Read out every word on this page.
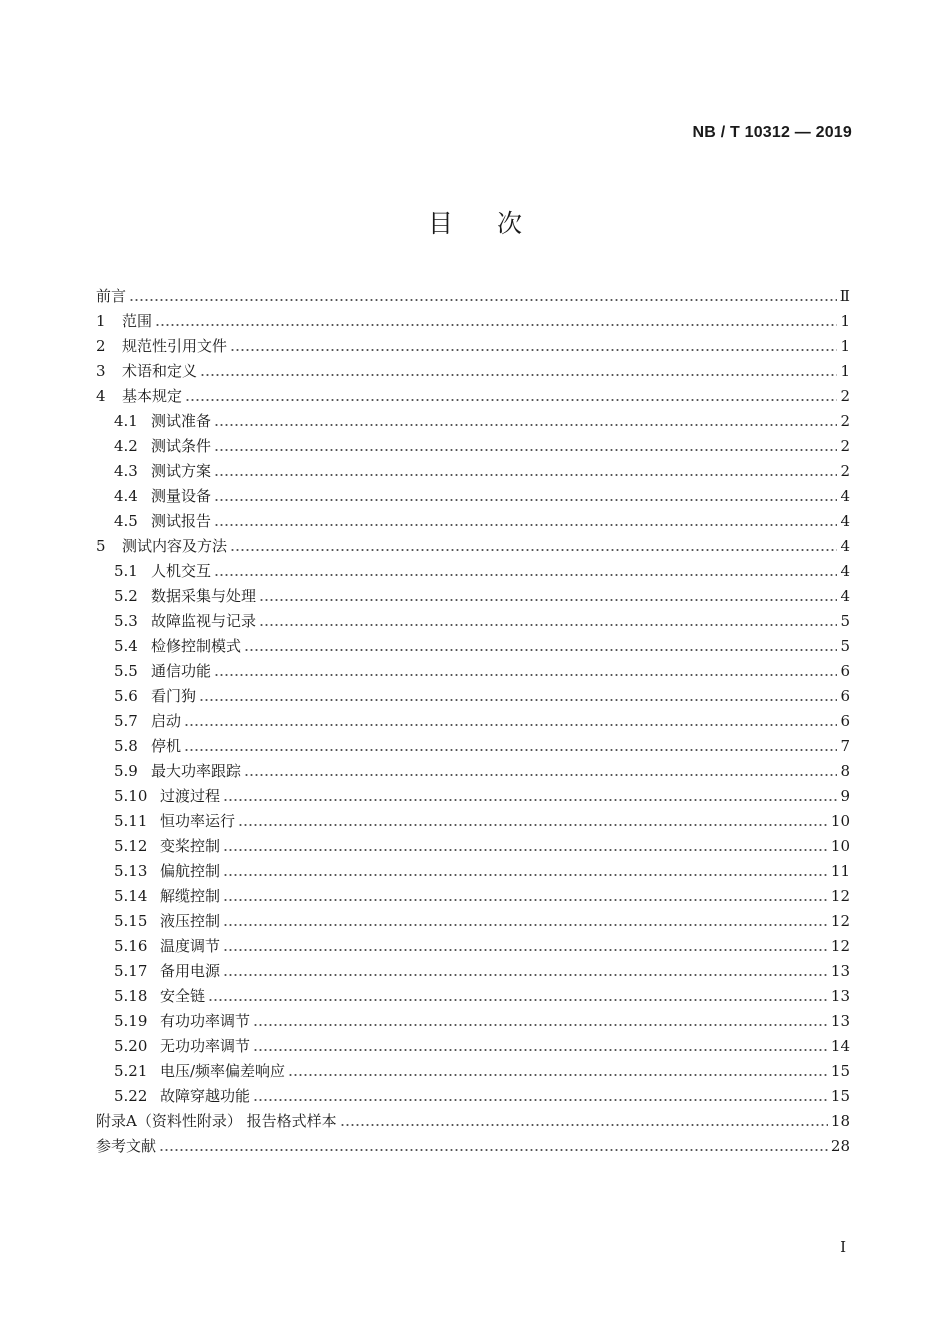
NB / T 10312 — 2019
目次
前言	Ⅱ
1	范围	1
2	规范性引用文件	1
3	术语和定义	1
4	基本规定	2
4.1 测试准备	2
4.2 测试条件	2
4.3 测试方案	2
4.4 测量设备	4
4.5 测试报告	4
5	测试内容及方法	4
5.1 人机交互	4
5.2 数据采集与处理	4
5.3 故障监视与记录	5
5.4 检修控制模式	5
5.5 通信功能	6
5.6 看门狗	6
5.7 启动	6
5.8 停机	7
5.9 最大功率跟踪	8
5.10 过渡过程	9
5.11 恒功率运行	10
5.12 变桨控制	10
5.13 偏航控制	11
5.14 解缆控制	12
5.15 液压控制	12
5.16 温度调节	12
5.17 备用电源	13
5.18 安全链	13
5.19 有功功率调节	13
5.20 无功功率调节	14
5.21 电压/频率偏差响应	15
5.22 故障穿越功能	15
附录A（资料性附录） 报告格式样本	18
参考文献	28
I
